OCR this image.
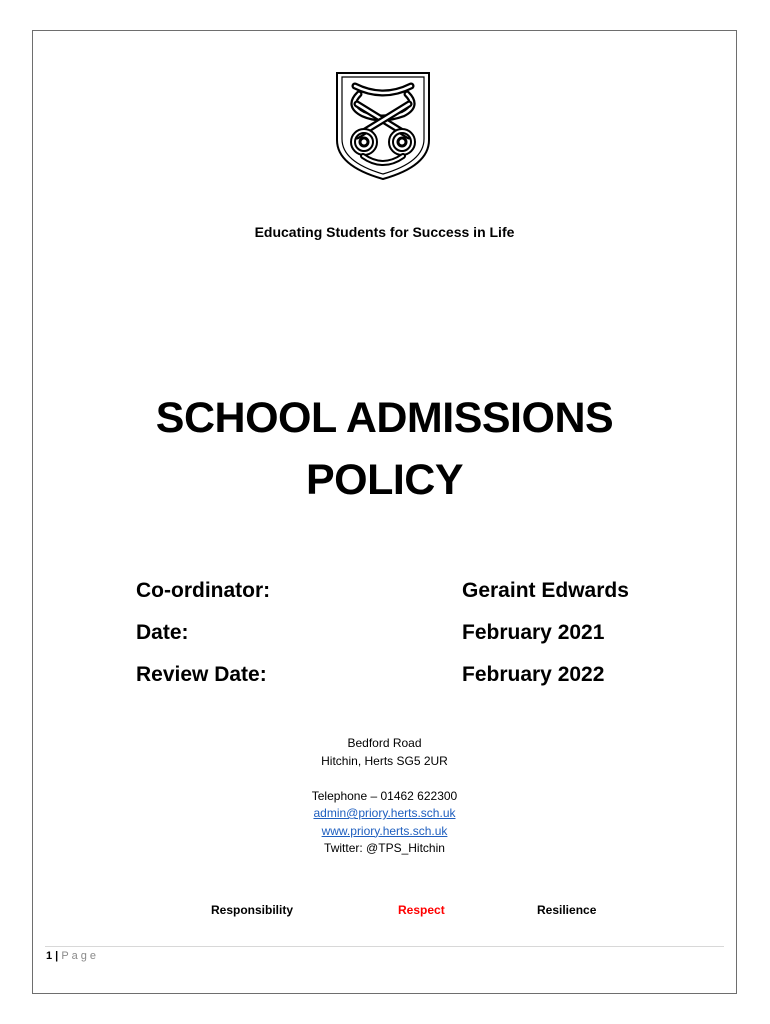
Educating Students for Success in Life
SCHOOL ADMISSIONS
POLICY
Co-ordinator:	Geraint Edwards
Date:	February 2021
Review Date:	February 2022
Bedford Road
Hitchin, Herts SG5 2UR
Telephone – 01462 622300
admin@priory.herts.sch.uk
www.priory.herts.sch.uk
Twitter: @TPS_Hitchin
Responsibility	Respect	Resilience
1 | Page
